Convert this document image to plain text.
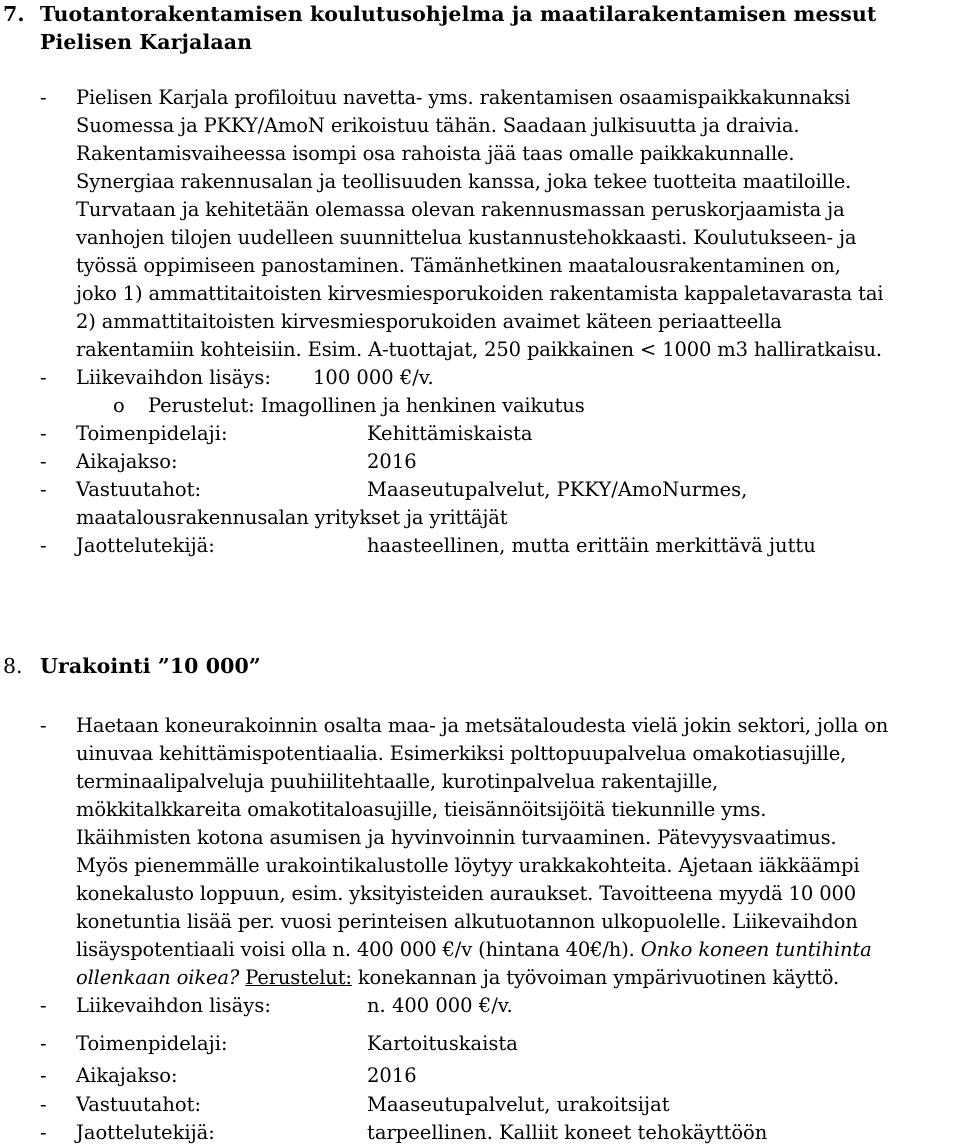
7. Tuotantorakentamisen koulutusohjelma ja maatilarakentamisen messut
Pielisen Karjalaan
- Pielisen Karjala profiloituu navetta- yms. rakentamisen osaamispaikkakunnaksi
Suomessa ja PKKY/AmoN erikoistuu tähän. Saadaan julkisuutta ja draivia.
Rakentamisvaiheessa isompi osa rahoista jää taas omalle paikkakunnalle.
Synergiaa rakennusalan ja teollisuuden kanssa, joka tekee tuotteita maatiloille.
Turvataan ja kehitetään olemassa olevan rakennusmassan peruskorjaamista ja
vanhojen tilojen uudelleen suunnittelua kustannustehokkaasti. Koulutukseen- ja
työssä oppimiseen panostaminen. Tämänhetkinen maatalousrakentaminen on,
joko 1) ammattitaitoisten kirvesmiesporukoiden rakentamista kappaletavarasta tai
2) ammattitaitoisten kirvesmiesporukoiden avaimet käteen periaatteella
rakentamiin kohteisiin. Esim. A-tuottajat, 250 paikkainen < 1000 m3 halliratkaisu.
- Liikevaihdon lisäys: 100 000 €/v.
o Perustelut: Imagollinen ja henkinen vaikutus
- Toimenpidelaji:	Kehittämiskaista
- Aikajakso:	2016
- Vastuutahot:	Maaseutupalvelut, PKKY/AmoNurmes,
maatalousrakennusalan yritykset ja yrittäjät
- Jaottelutekijä:	haasteellinen, mutta erittäin merkittävä juttu
8. Urakointi ”10 000”
- Haetaan koneurakoinnin osalta maa- ja metsätaloudesta vielä jokin sektori, jolla on
uinuvaa kehittämispotentiaalia. Esimerkiksi polttopuupalvelua omakotiasujille,
terminaalipalveluja puuhiilitehtaalle, kurotinpalvelua rakentajille,
mökkitalkkareita omakotitaloasujille, tieisännöitsijöitä tiekunnille yms.
Ikäihmisten kotona asumisen ja hyvinvoinnin turvaaminen. Pätevyysvaatimus.
Myös pienemmälle urakointikalustolle löytyy urakkakohteita. Ajetaan iäkkäämpi
konekalusto loppuun, esim. yksityisteiden auraukset. Tavoitteena myydä 10 000
konetuntia lisää per. vuosi perinteisen alkutuotannon ulkopuolelle. Liikevaihdon
lisäyspotentiaali voisi olla n. 400 000 €/v (hintana 40€/h). Onko koneen tuntihinta
ollenkaan oikea? Perustelut: konekannan ja työvoiman ympärivuotinen käyttö.
- Liikevaihdon lisäys:	n. 400 000 €/v.
- Toimenpidelaji:	Kartoituskaista
- Aikajakso:	2016
- Vastuutahot:	Maaseutupalvelut, urakoitsijat
- Jaottelutekijä:	tarpeellinen. Kalliit koneet tehokäyttöön
